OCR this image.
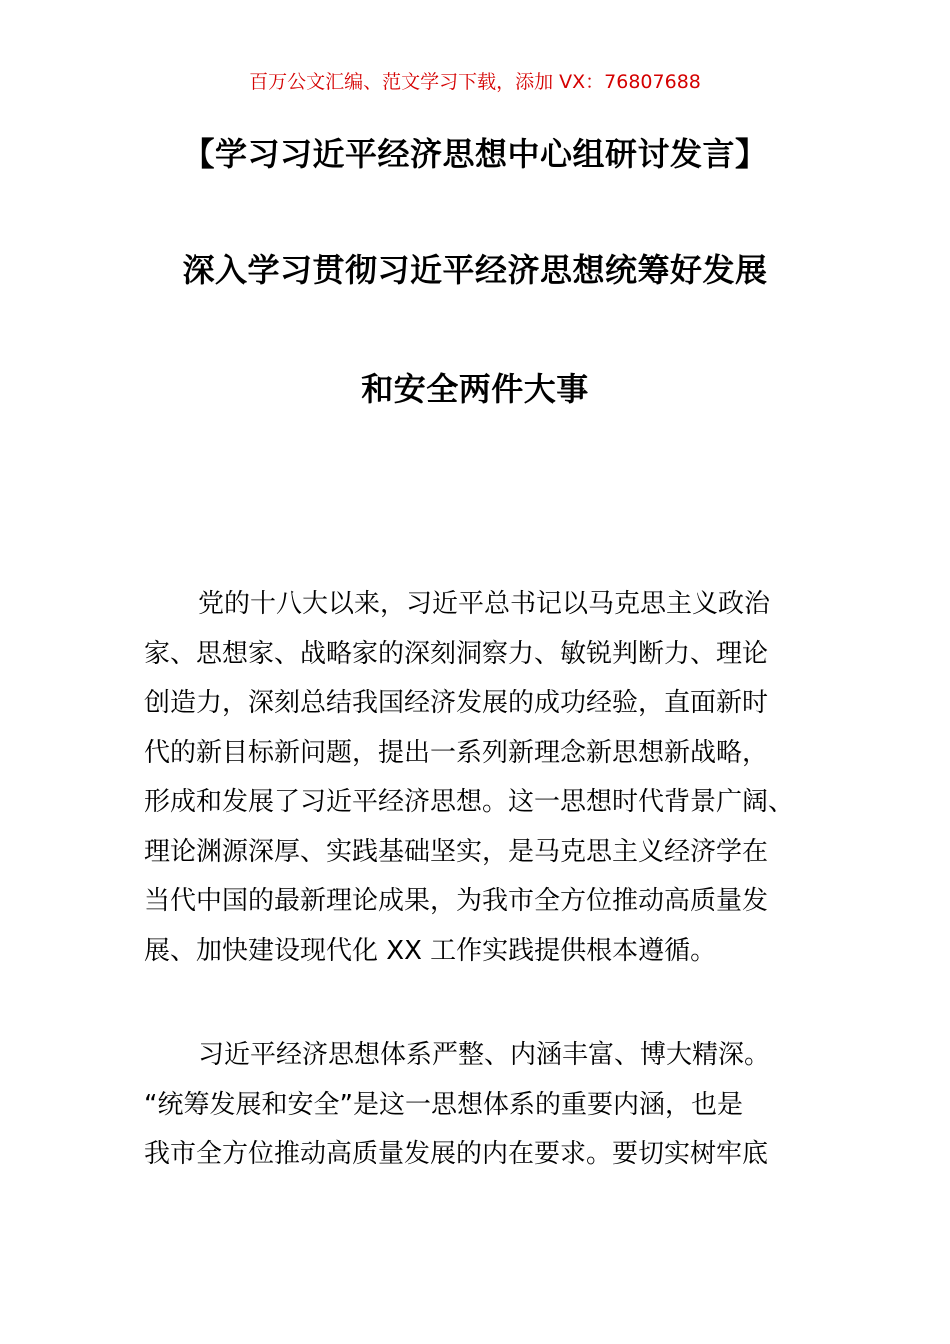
百万公文汇编、范文学习下载，添加 VX：76807688
【学习习近平经济思想中心组研讨发言】
深入学习贯彻习近平经济思想统筹好发展
和安全两件大事
党的十八大以来，习近平总书记以马克思主义政治
家、思想家、战略家的深刻洞察力、敏锐判断力、理论
创造力，深刻总结我国经济发展的成功经验，直面新时
代的新目标新问题，提出一系列新理念新思想新战略，
形成和发展了习近平经济思想。这一思想时代背景广阔、
理论渊源深厚、实践基础坚实，是马克思主义经济学在
当代中国的最新理论成果，为我市全方位推动高质量发
展、加快建设现代化 XX 工作实践提供根本遵循。
习近平经济思想体系严整、内涵丰富、博大精深。
“统筹发展和安全”是这一思想体系的重要内涵，也是
我市全方位推动高质量发展的内在要求。要切实树牢底
